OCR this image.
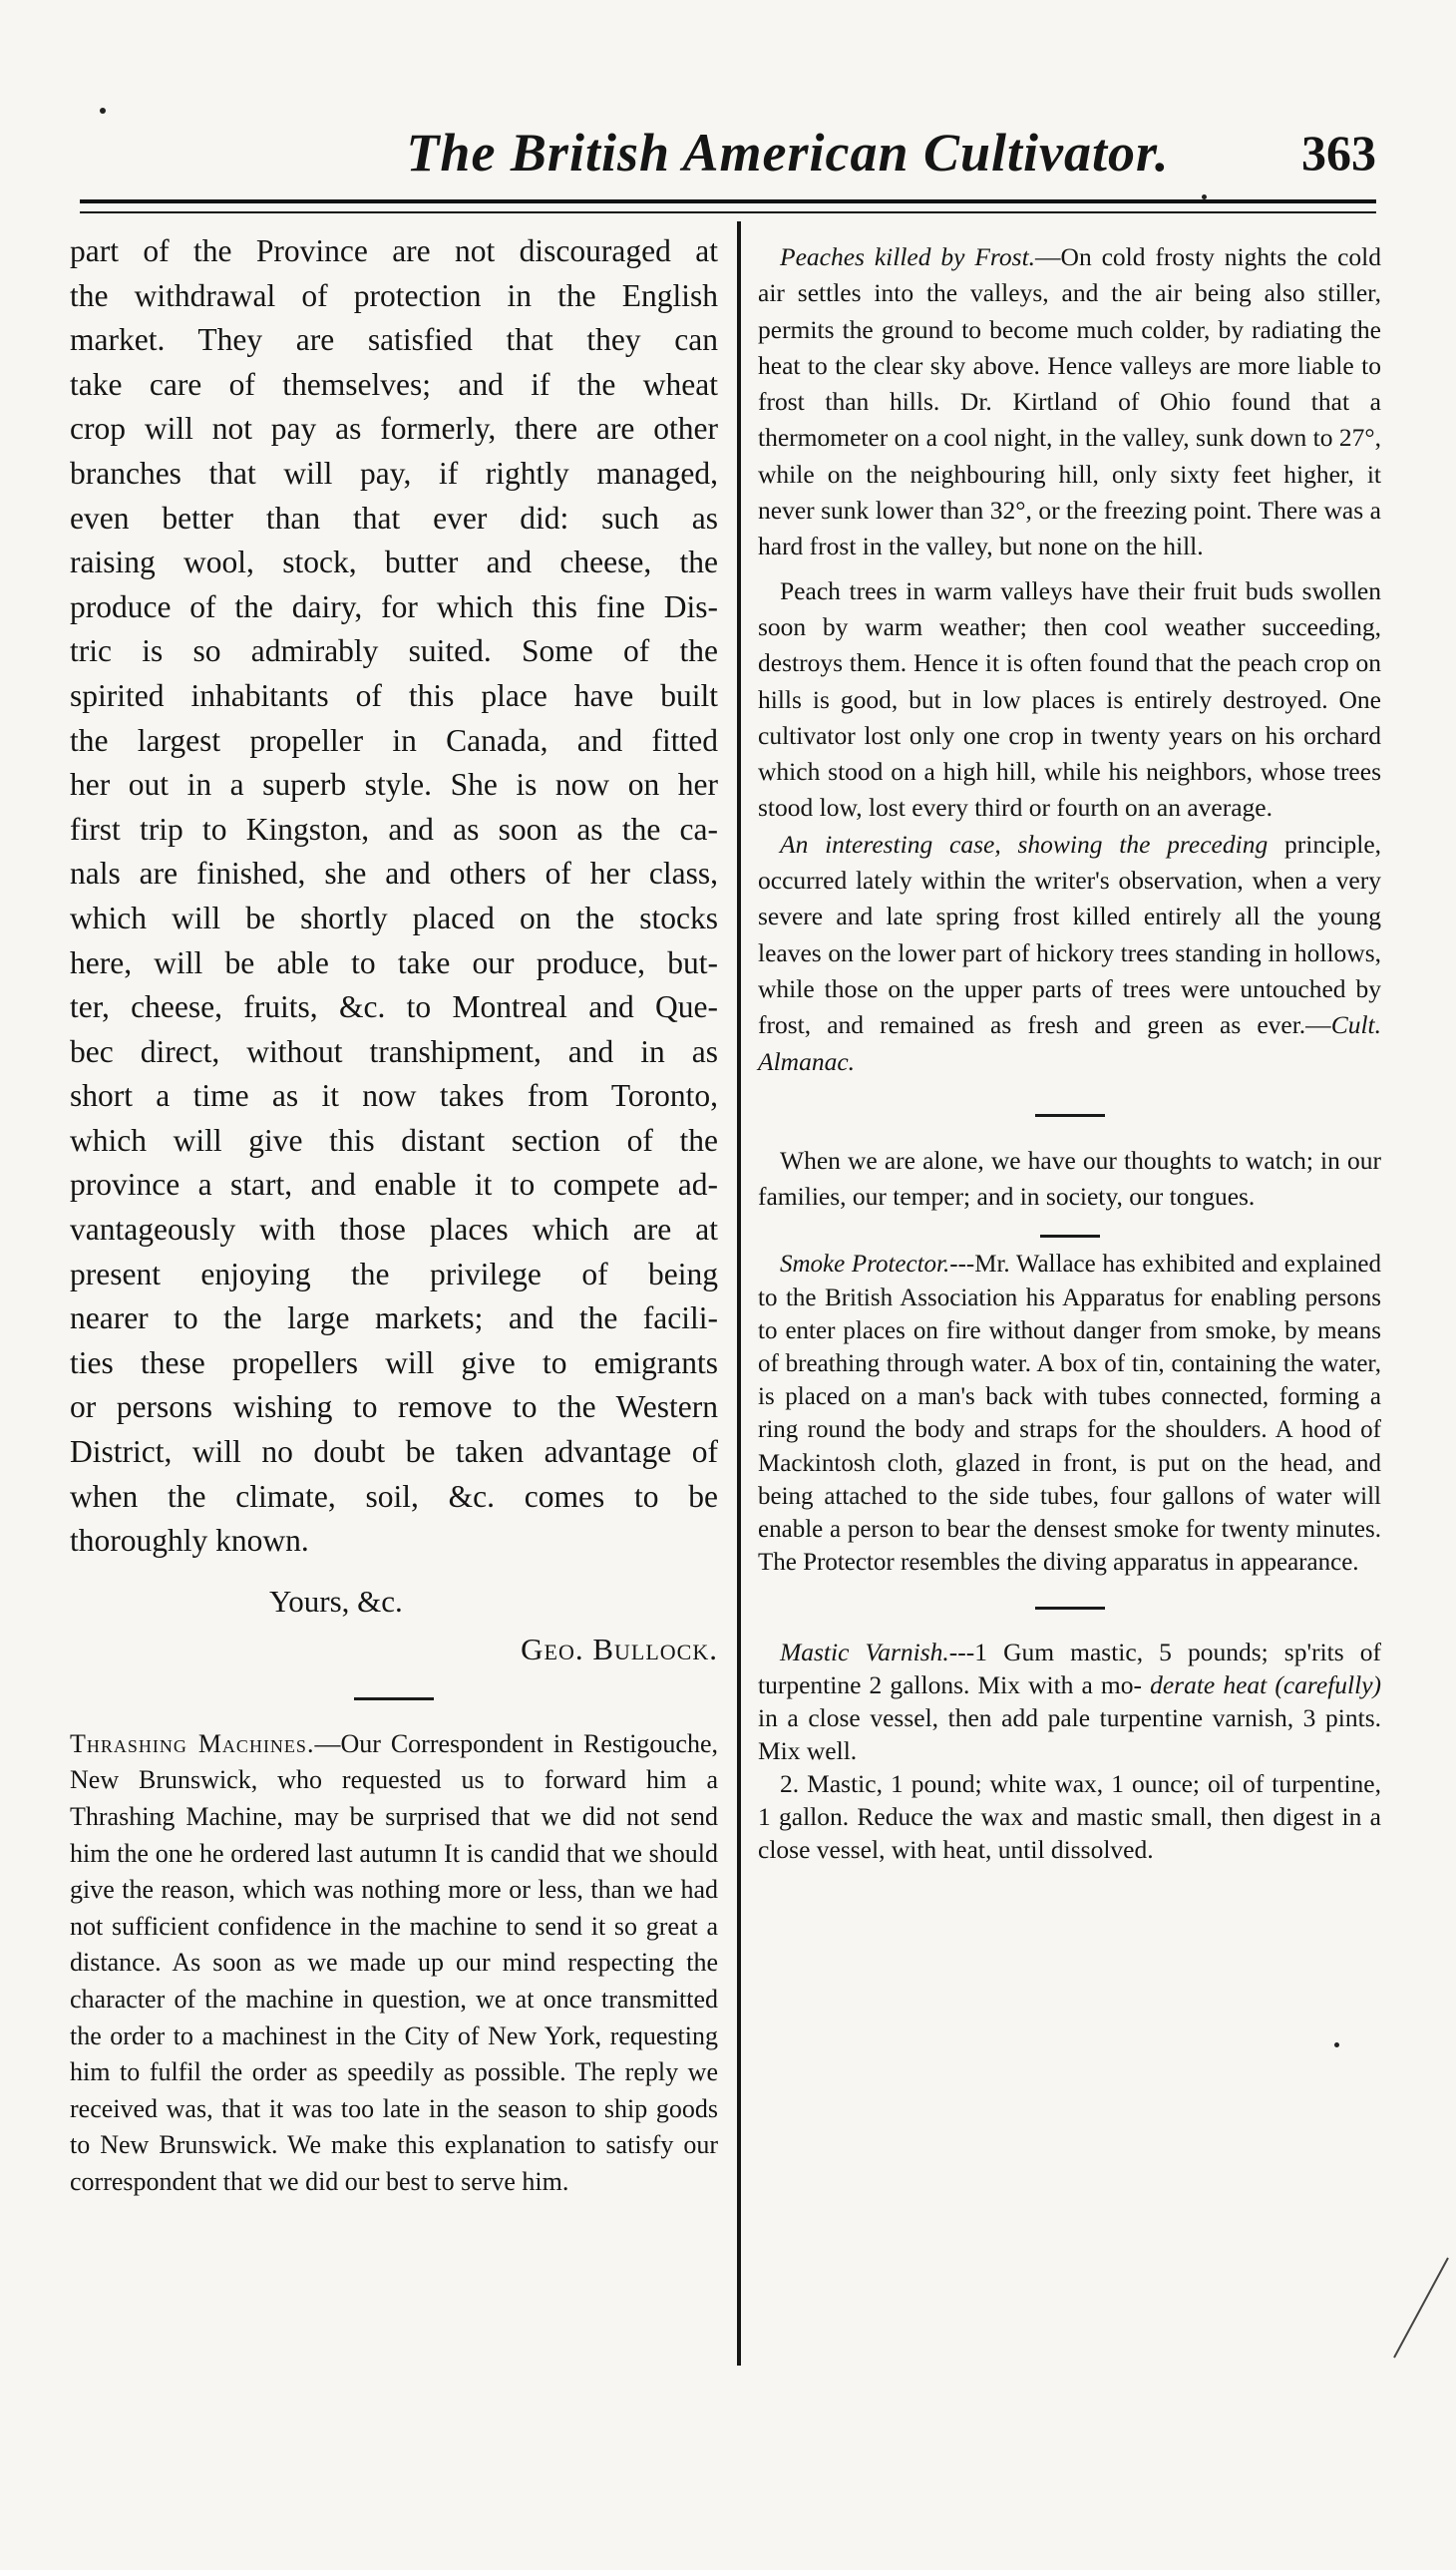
The British American Cultivator.	363
part of the Province are not discouraged at
the withdrawal of protection in the English
market. They are satisfied that they can
take care of themselves; and if the wheat
crop will not pay as formerly, there are other
branches that will pay, if rightly managed,
even better than that ever did: such as
raising wool, stock, butter and cheese, the
produce of the dairy, for which this fine Dis-
tric is so admirably suited. Some of the
spirited inhabitants of this place have built
the largest propeller in Canada, and fitted
her out in a superb style. She is now on her
first trip to Kingston, and as soon as the ca-
nals are finished, she and others of her class,
which will be shortly placed on the stocks
here, will be able to take our produce, but-
ter, cheese, fruits, &c. to Montreal and Que-
bec direct, without transhipment, and in as
short a time as it now takes from Toronto,
which will give this distant section of the
province a start, and enable it to compete ad-
vantageously with those places which are at
present enjoying the privilege of being
nearer to the large markets; and the facili-
ties these propellers will give to emigrants
or persons wishing to remove to the Western
District, will no doubt be taken advantage of
when the climate, soil, &c. comes to be
thoroughly known.
Yours, &c.
Geo. Bullock.

Thrashing Machines.—Our Correspondent in Restigouche, New Brunswick, who requested us to forward him a Thrashing Machine, may be surprised that we did not send him the one he ordered last autumn It is candid that we should give the reason, which was nothing more or less, than we had not sufficient confidence in the machine to send it so great a distance. As soon as we made up our mind respecting the character of the machine in question, we at once transmitted the order to a machinest in the City of New York, requesting him to fulfil the order as speedily as possible. The reply we received was, that it was too late in the season to ship goods to New Brunswick. We make this explanation to satisfy our correspondent that we did our best to serve him.

Peaches killed by Frost.—On cold frosty nights the cold air settles into the valleys, and the air being also stiller, permits the ground to become much colder, by radiating the heat to the clear sky above. Hence valleys are more liable to frost than hills. Dr. Kirtland of Ohio found that a thermometer on a cool night, in the valley, sunk down to 27°, while on the neighbouring hill, only sixty feet higher, it never sunk lower than 32°, or the freezing point. There was a hard frost in the valley, but none on the hill.

Peach trees in warm valleys have their fruit buds swollen soon by warm weather; then cool weather succeeding, destroys them. Hence it is often found that the peach crop on hills is good, but in low places is entirely destroyed. One cultivator lost only one crop in twenty years on his orchard which stood on a high hill, while his neighbors, whose trees stood low, lost every third or fourth on an average.

An interesting case, showing the preceding principle, occurred lately within the writer's observation, when a very severe and late spring frost killed entirely all the young leaves on the lower part of hickory trees standing in hollows, while those on the upper parts of trees were untouched by frost, and remained as fresh and green as ever.—Cult. Almanac.

When we are alone, we have our thoughts to watch; in our families, our temper; and in society, our tongues.

Smoke Protector.---Mr. Wallace has exhibited and explained to the British Association his Apparatus for enabling persons to enter places on fire without danger from smoke, by means of breathing through water. A box of tin, containing the water, is placed on a man's back with tubes connected, forming a ring round the body and straps for the shoulders. A hood of Mackintosh cloth, glazed in front, is put on the head, and being attached to the side tubes, four gallons of water will enable a person to bear the densest smoke for twenty minutes. The Protector resembles the diving apparatus in appearance.

Mastic Varnish.---1 Gum mastic, 5 pounds; sp'rits of turpentine 2 gallons. Mix with a mo- derate heat (carefully) in a close vessel, then add pale turpentine varnish, 3 pints. Mix well.

2. Mastic, 1 pound; white wax, 1 ounce; oil of turpentine, 1 gallon. Reduce the wax and mastic small, then digest in a close vessel, with heat, until dissolved.
